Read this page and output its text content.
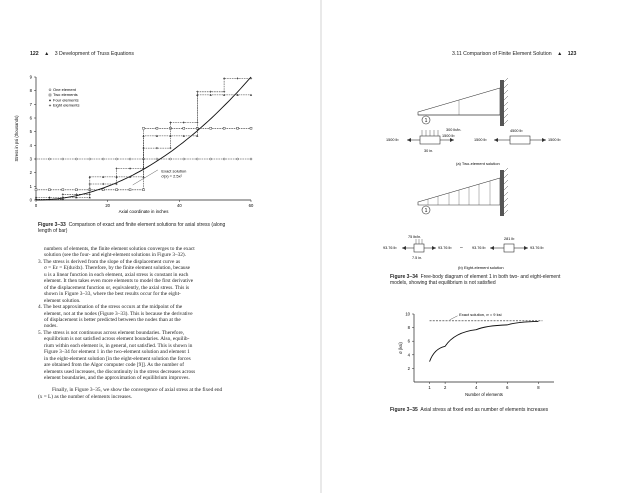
122 ▲ 3 Development of Truss Equations
9
8
7
6
5
4
3
2
1
0
0	20	40	60
One element
Two elements
Four elements
Eight elements
Axial coordinate in inches
Stress in psi (thousands)
Exact solution
σ(x) = 2.5x²
Figure 3–33 Comparison of exact and finite element solutions for axial stress (along
length of bar)
numbers of elements, the finite element solution converges to the exact
solution (see the four- and eight-element solutions in Figure 3–32).
3. The stress is derived from the slope of the displacement curve as
σ = Eε = E(du/dx). Therefore, by the finite element solution, because
u is a linear function in each element, axial stress is constant in each
element. It then takes even more elements to model the first derivative
of the displacement function or, equivalently, the axial stress. This is
shown in Figure 3–33, where the best results occur for the eight-
element solution.
4. The best approximation of the stress occurs at the midpoint of the
element, not at the nodes (Figure 3–33). This is because the derivative
of displacement is better predicted between the nodes than at the
nodes.
5. The stress is not continuous across element boundaries. Therefore,
equilibrium is not satisfied across element boundaries. Also, equilib-
rium within each element is, in general, not satisfied. This is shown in
Figure 3–34 for element 1 in the two-element solution and element 1
in the eight-element solution [in the eight-element solution the forces
are obtained from the Algor computer code [9]]. As the number of
elements used increases, the discontinuity in the stress decreases across
element boundaries, and the approximation of equilibrium improves.
Finally, in Figure 3–35, we show the convergence of axial stress at the fixed end
(x = L) as the number of elements increases.
3.11 Comparison of Finite Element Solution ▲ 123
1
300 lb/in.
30 in.
1500 lb
1500 lb
1500 lb
4500 lb
1500 lb
(a) Two-element solution
1
75 lb/in.
93.76 lb	93.76 lb
7.5 in.
– 93.76 lb
281 lb
93.76 lb
(b) Eight-element solution
Figure 3–34 Free-body diagram of element 1 in both two- and eight-element
models, showing that equilibrium is not satisfied
10
8
6
4
2
1	2	4	6	8
Exact solution, σ = 9 ksi
Number of elements
σ (ksi)
Figure 3–35 Axial stress at fixed end as number of elements increases
